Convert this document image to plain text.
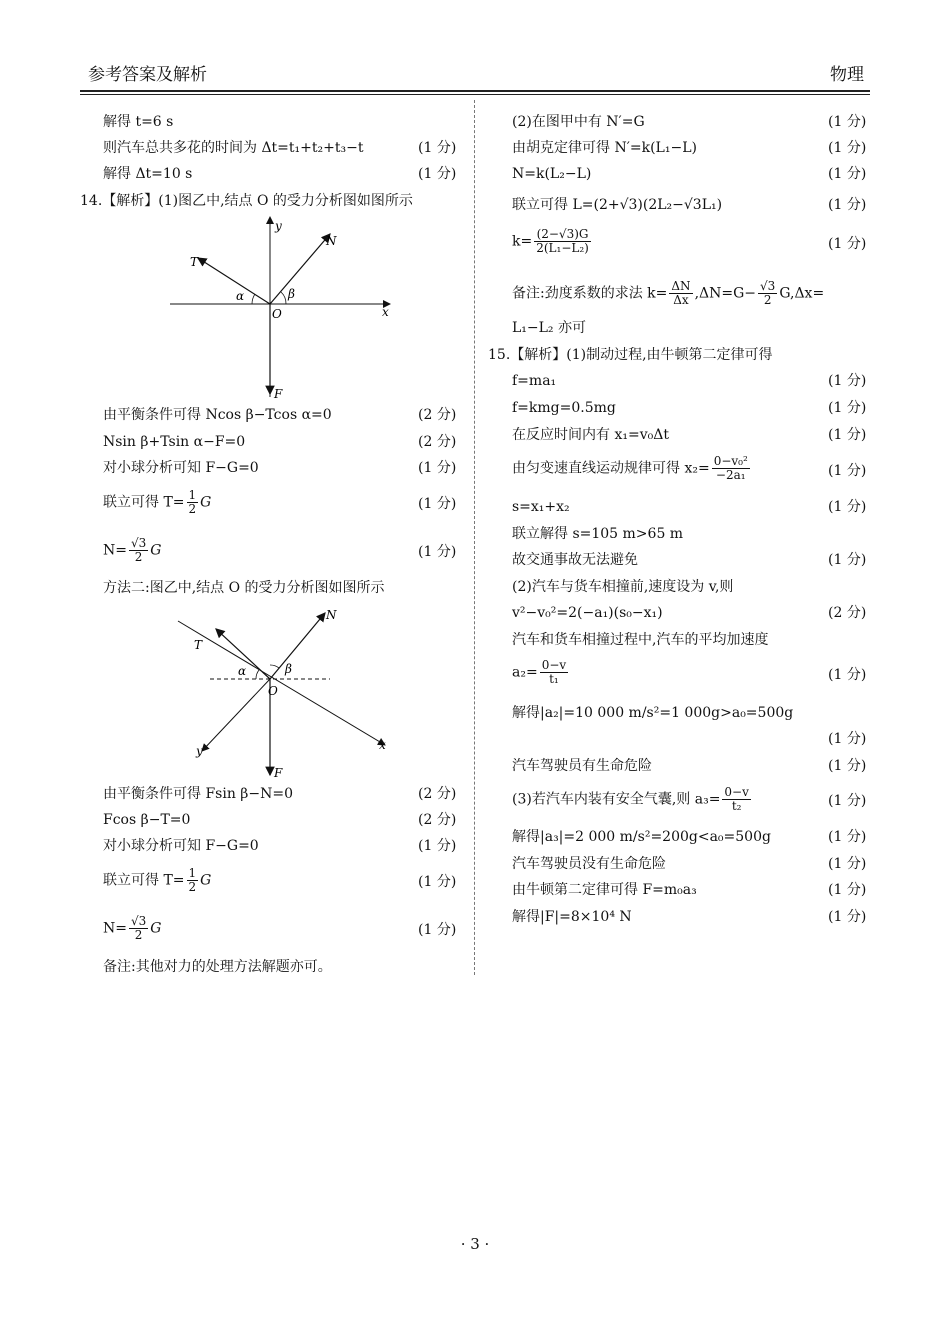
参考答案及解析	物理
解得 t=6 s
则汽车总共多花的时间为 Δt=t₁+t₂+t₃−t	(1 分)
解得 Δt=10 s	(1 分)
14.【解析】(1)图乙中,结点 O 的受力分析图如图所示
y
N
T
α	β
O	x
F
由平衡条件可得 Ncos β−Tcos α=0	(2 分)
Nsin β+Tsin α−F=0	(2 分)
对小球分析可知 F−G=0	(1 分)
联立可得 $T= \frac{1}{2}$ G	(1 分)
$N= \frac{√3}{2}$ G	(1 分)
方法二:图乙中,结点 O 的受力分析图如图所示
N
T
α	β
O
y	x
F
由平衡条件可得 Fsin β−N=0	(2 分)
Fcos β−T=0	(2 分)
对小球分析可知 F−G=0	(1 分)
联立可得 $T= \frac{1}{2}$ G	(1 分)
$N= \frac{√3}{2}$ G	(1 分)
备注:其他对力的处理方法解题亦可。
(2)在图甲中有 N′=G	(1 分)
由胡克定律可得 N′=k(L₁−L)	(1 分)
N=k(L₂−L)	(1 分)
联立可得 L=(2+√3)(2L₂−√3L₁)	(1 分)
$k= \frac{(2-√3)G}{\text{2(L₁−L₂)}}$	(1 分)
备注:劲度系数的求法 $k= \frac{\Delta N}{\Delta x} ,\Delta N=G- \frac{√3}{2} G,\Delta x=$
L₁−L₂ 亦可
15.【解析】(1)制动过程,由牛顿第二定律可得
f=ma₁	(1 分)
f=kmg=0.5mg	(1 分)
在反应时间内有 x₁=v₀Δt	(1 分)
由匀变速直线运动规律可得 $x_2= \frac{\text{0−v₀²}}{\text{−2a₁}}$	(1 分)
s=x₁+x₂	(1 分)
联立解得 s=105 m>65 m
故交通事故无法避免	(1 分)
(2)汽车与货车相撞前,速度设为 v,则
v²−v₀²=2(−a₁)(s₀−x₁)	(2 分)
汽车和货车相撞过程中,汽车的平均加速度
$a_2= \frac{0-v}{\text{t₁}}$	(1 分)
解得|a₂|=10 000 m/s²=1 000g>a₀=500g
(1 分)
汽车驾驶员有生命危险	(1 分)
(3)若汽车内装有安全气囊,则 $a_3= \frac{0-v}{\text{t₂}}$	(1 分)
解得|a₃|=2 000 m/s²=200g<a₀=500g	(1 分)
汽车驾驶员没有生命危险	(1 分)
由牛顿第二定律可得 F=m₀a₃	(1 分)
解得|F|=8×10⁴ N	(1 分)
· 3 ·
